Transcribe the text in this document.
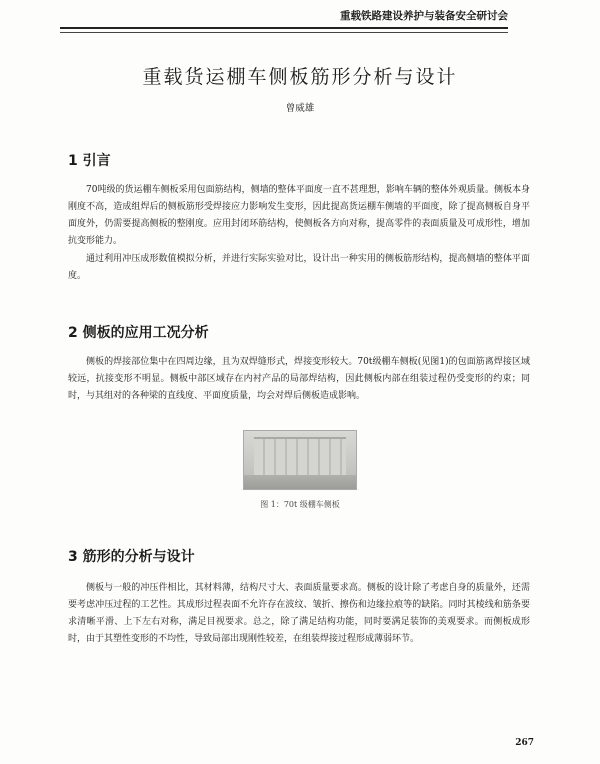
重载铁路建设养护与装备安全研讨会
重载货运棚车侧板筋形分析与设计
曾威雄
1 引言

70吨级的货运棚车侧板采用包面筋结构，侧墙的整体平面度一直不甚理想，影响车辆的整体外观质量。侧板本身刚度不高，造成组焊后的侧板筋形受焊接应力影响发生变形，因此提高货运棚车侧墙的平面度，除了提高侧板自身平面度外，仍需要提高侧板的整刚度。应用封闭环筋结构，使侧板各方向对称，提高零件的表面质量及可成形性，增加抗变形能力。

通过利用冲压成形数值模拟分析，并进行实际实验对比，设计出一种实用的侧板筋形结构，提高侧墙的整体平面度。

2 侧板的应用工况分析

侧板的焊接部位集中在四周边缘，且为双焊缝形式，焊接变形较大。70t级棚车侧板(见图1)的包面筋离焊接区域较远，抗接变形不明显。侧板中部区域存在内衬产品的局部焊结构，因此侧板内部在组装过程仍受变形的约束；同时，与其组对的各种梁的直线度、平面度质量，均会对焊后侧板造成影响。

图 1：70t 级棚车侧板
3 筋形的分析与设计

侧板与一般的冲压件相比，其材料薄，结构尺寸大、表面质量要求高。侧板的设计除了考虑自身的质量外，还需要考虑冲压过程的工艺性。其成形过程表面不允许存在波纹、皱折、擦伤和边缘拉痕等的缺陷。同时其棱线和筋条要求清晰平滑、上下左右对称，满足目视要求。总之，除了满足结构功能，同时要满足装饰的美观要求。而侧板成形时，由于其塑性变形的不均性，导致局部出现刚性较差，在组装焊接过程形成薄弱环节。

267
